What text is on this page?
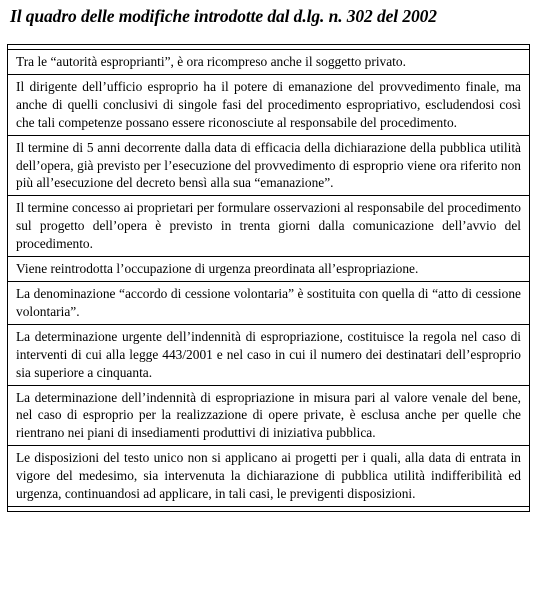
Il quadro delle modifiche introdotte dal d.lg. n. 302 del 2002

Tra le “autorità esproprianti”, è ora ricompreso anche il soggetto privato.
Il dirigente dell’ufficio esproprio ha il potere di emanazione del provvedimento finale, ma anche di quelli conclusivi di singole fasi del procedimento espropriativo, escludendosi così che tali competenze possano essere riconosciute al responsabile del procedimento.
Il termine di 5 anni decorrente dalla data di efficacia della dichiarazione della pubblica utilità dell’opera, già previsto per l’esecuzione del provvedimento di esproprio viene ora riferito non più all’esecuzione del decreto bensì alla sua “emanazione”.
Il termine concesso ai proprietari per formulare osservazioni al responsabile del procedimento sul progetto dell’opera è previsto in trenta giorni dalla comunicazione dell’avvio del procedimento.
Viene reintrodotta l’occupazione di urgenza preordinata all’espropriazione.
La denominazione “accordo di cessione volontaria” è sostituita con quella di “atto di cessione volontaria”.
La determinazione urgente dell’indennità di espropriazione, costituisce la regola nel caso di interventi di cui alla legge 443/2001 e nel caso in cui il numero dei destinatari dell’esproprio sia superiore a cinquanta.
La determinazione dell’indennità di espropriazione in misura pari al valore venale del bene, nel caso di esproprio per la realizzazione di opere private, è esclusa anche per quelle che rientrano nei piani di insediamenti produttivi di iniziativa pubblica.
Le disposizioni del testo unico non si applicano ai progetti per i quali, alla data di entrata in vigore del medesimo, sia intervenuta la dichiarazione di pubblica utilità indifferibilità ed urgenza, continuandosi ad applicare, in tali casi, le previgenti disposizioni.
